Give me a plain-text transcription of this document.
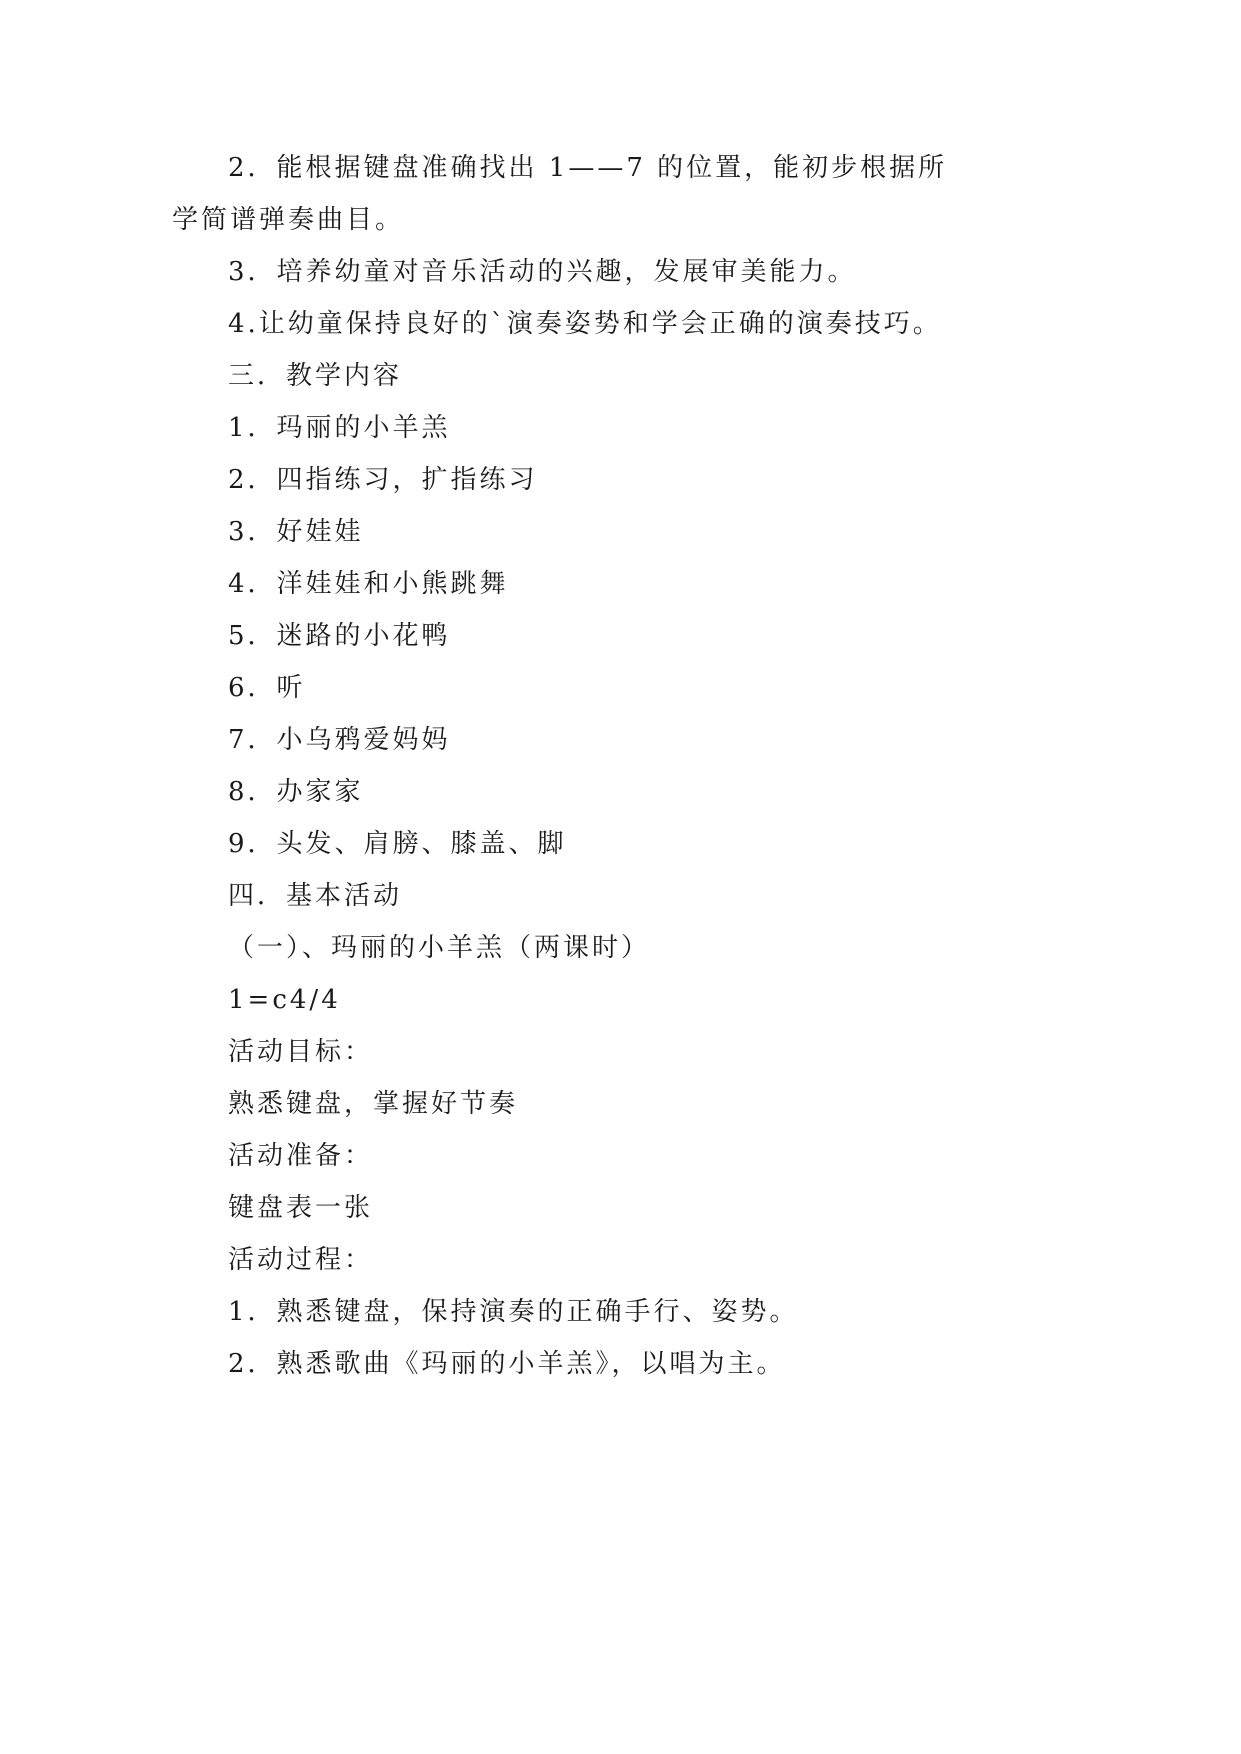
2．能根据键盘准确找出 1——7 的位置，能初步根据所学简谱弹奏曲目。

3．培养幼童对音乐活动的兴趣，发展审美能力。

4.让幼童保持良好的`演奏姿势和学会正确的演奏技巧。

三．教学内容

1．玛丽的小羊羔

2．四指练习，扩指练习

3．好娃娃

4．洋娃娃和小熊跳舞

5．迷路的小花鸭

6．听

7．小乌鸦爱妈妈

8．办家家

9．头发、肩膀、膝盖、脚

四．基本活动

（一）、玛丽的小羊羔（两课时）

1=c4/4

活动目标：

熟悉键盘，掌握好节奏

活动准备：

键盘表一张

活动过程：

1．熟悉键盘，保持演奏的正确手行、姿势。

2．熟悉歌曲《玛丽的小羊羔》，以唱为主。
